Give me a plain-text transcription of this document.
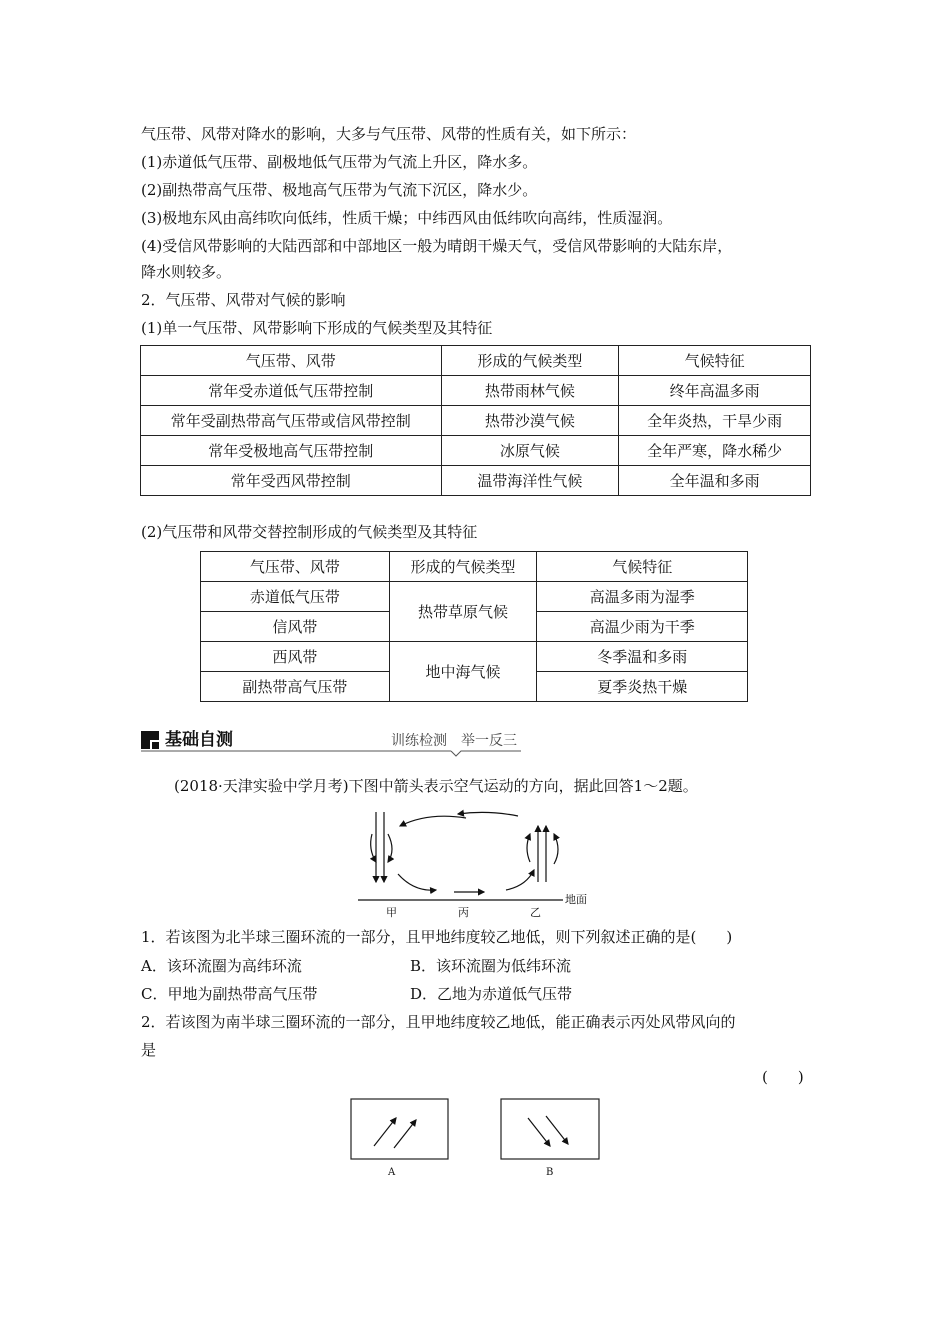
气压带、风带对降水的影响，大多与气压带、风带的性质有关，如下所示：
(1)赤道低气压带、副极地低气压带为气流上升区，降水多。
(2)副热带高气压带、极地高气压带为气流下沉区，降水少。
(3)极地东风由高纬吹向低纬，性质干燥；中纬西风由低纬吹向高纬，性质湿润。
(4)受信风带影响的大陆西部和中部地区一般为晴朗干燥天气，受信风带影响的大陆东岸，
降水则较多。
2．气压带、风带对气候的影响
(1)单一气压带、风带影响下形成的气候类型及其特征
气压带、风带	形成的气候类型	气候特征
常年受赤道低气压带控制	热带雨林气候	终年高温多雨
常年受副热带高气压带或信风带控制	热带沙漠气候	全年炎热，干旱少雨
常年受极地高气压带控制	冰原气候	全年严寒，降水稀少
常年受西风带控制	温带海洋性气候	全年温和多雨
(2)气压带和风带交替控制形成的气候类型及其特征
气压带、风带	形成的气候类型	气候特征
赤道低气压带	热带草原气候	高温多雨为湿季
信风带		高温少雨为干季
西风带	地中海气候	冬季温和多雨
副热带高气压带		夏季炎热干燥
基础自测	训练检测　举一反三
(2018·天津实验中学月考)下图中箭头表示空气运动的方向，据此回答1～2题。
地面
甲	丙	乙
1．若该图为北半球三圈环流的一部分，且甲地纬度较乙地低，则下列叙述正确的是(　　)
A．该环流圈为高纬环流	B．该环流圈为低纬环流
C．甲地为副热带高气压带	D．乙地为赤道低气压带
2．若该图为南半球三圈环流的一部分，且甲地纬度较乙地低，能正确表示丙处风带风向的
是
(　　)
A	B
